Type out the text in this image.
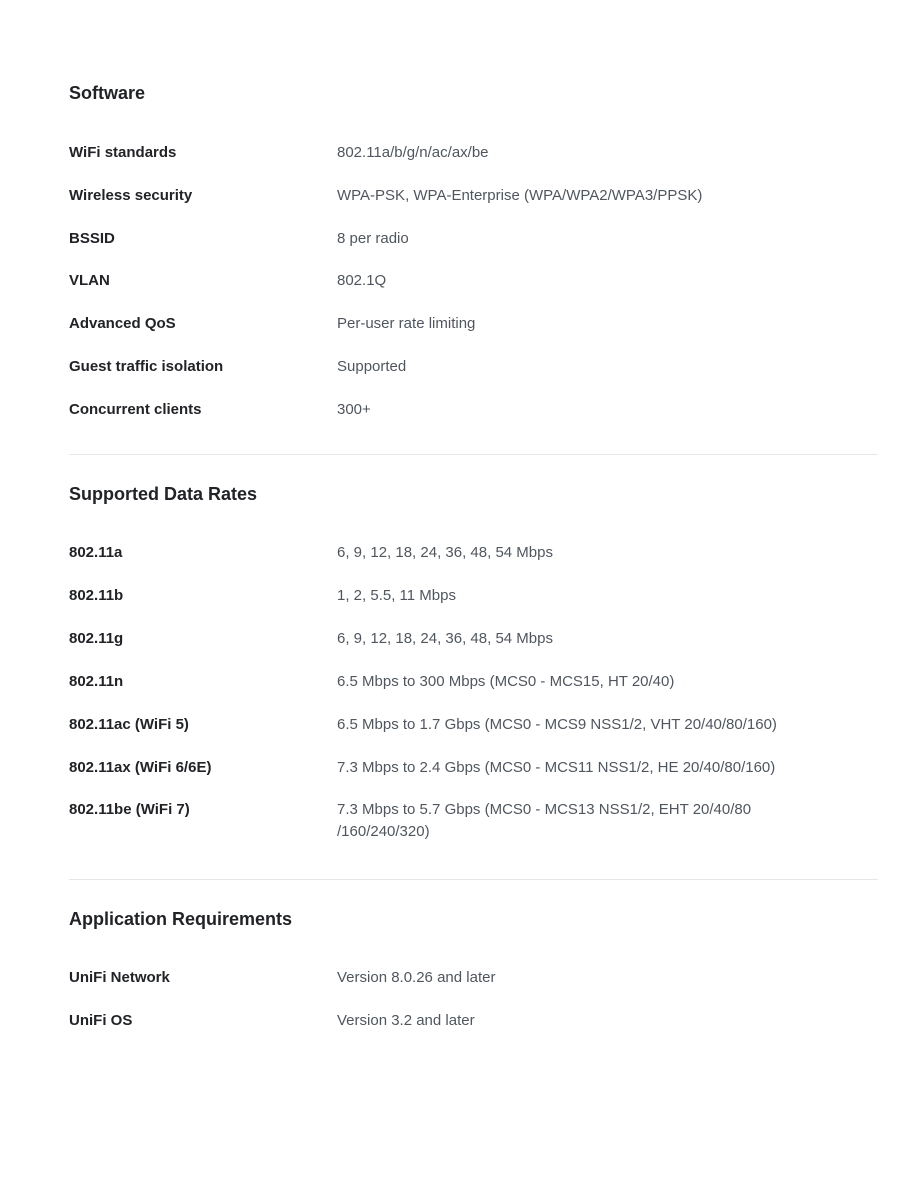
Software
WiFi standards	802.11a/b/g/n/ac/ax/be
Wireless security	WPA-PSK, WPA-Enterprise (WPA/WPA2/WPA3/PPSK)
BSSID	8 per radio
VLAN	802.1Q
Advanced QoS	Per-user rate limiting
Guest traffic isolation	Supported
Concurrent clients	300+
Supported Data Rates
802.11a	6, 9, 12, 18, 24, 36, 48, 54 Mbps
802.11b	1, 2, 5.5, 11 Mbps
802.11g	6, 9, 12, 18, 24, 36, 48, 54 Mbps
802.11n	6.5 Mbps to 300 Mbps (MCS0 - MCS15, HT 20/40)
802.11ac (WiFi 5)	6.5 Mbps to 1.7 Gbps (MCS0 - MCS9 NSS1/2, VHT 20/40/80/160)
802.11ax (WiFi 6/6E)	7.3 Mbps to 2.4 Gbps (MCS0 - MCS11 NSS1/2, HE 20/40/80/160)
802.11be (WiFi 7)	7.3 Mbps to 5.7 Gbps (MCS0 - MCS13 NSS1/2, EHT 20/40/80 /160/240/320)
Application Requirements
UniFi Network	Version 8.0.26 and later
UniFi OS	Version 3.2 and later
